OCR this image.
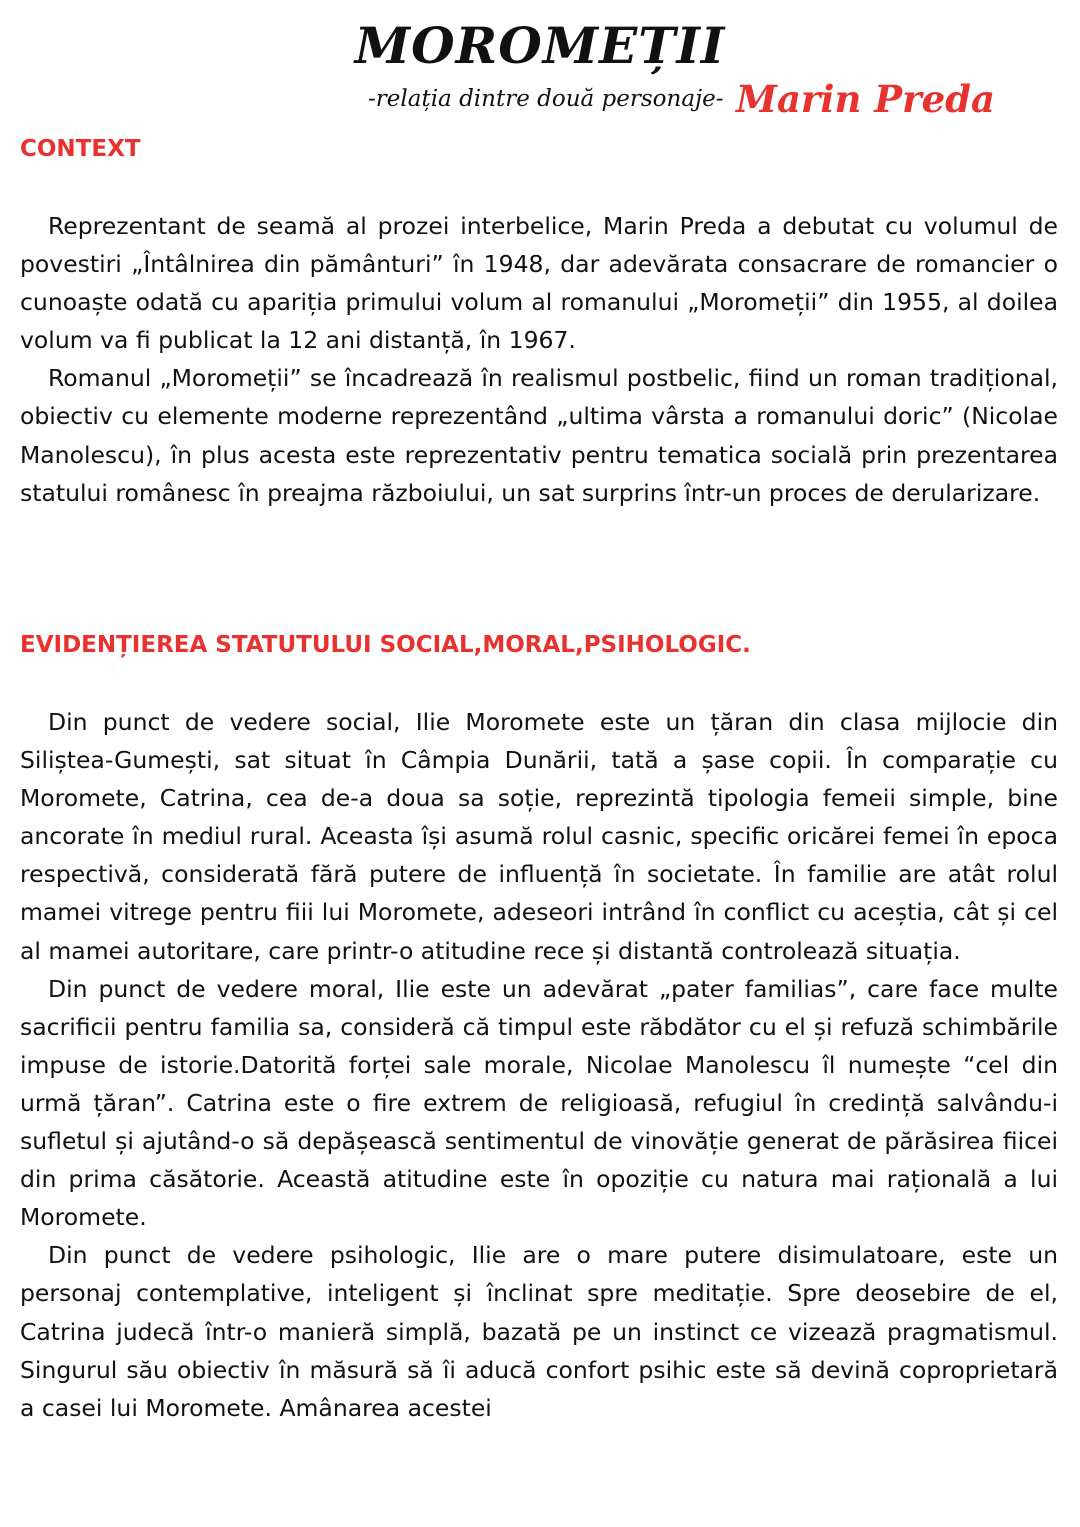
MOROMEȚII
-relația dintre două personaje- Marin Preda
CONTEXT

Reprezentant de seamă al prozei interbelice, Marin Preda a debutat cu volumul de povestiri „Întâlnirea din pământuri” în 1948, dar adevărata consacrare de romancier o cunoaște odată cu apariția primului volum al romanului „Moromeții” din 1955, al doilea volum va fi publicat la 12 ani distanță, în 1967.

Romanul „Moromeții” se încadrează în realismul postbelic, fiind un roman tradițional, obiectiv cu elemente moderne reprezentând „ultima vârsta a romanului doric” (Nicolae Manolescu), în plus acesta este reprezentativ pentru tematica socială prin prezentarea statului românesc în preajma războiului, un sat surprins într-un proces de derularizare.

EVIDENȚIEREA STATUTULUI SOCIAL,MORAL,PSIHOLOGIC.

Din punct de vedere social, Ilie Moromete este un țăran din clasa mijlocie din Siliștea-Gumești, sat situat în Câmpia Dunării, tată a șase copii. În comparație cu Moromete, Catrina, cea de-a doua sa soție, reprezintă tipologia femeii simple, bine ancorate în mediul rural. Aceasta își asumă rolul casnic, specific oricărei femei în epoca respectivă, considerată fără putere de influență în societate. În familie are atât rolul mamei vitrege pentru fiii lui Moromete, adeseori intrând în conflict cu aceștia, cât și cel al mamei autoritare, care printr-o atitudine rece și distantă controlează situația.

Din punct de vedere moral, Ilie este un adevărat „pater familias”, care face multe sacrificii pentru familia sa, consideră că timpul este răbdător cu el și refuză schimbările impuse de istorie.Datorită forței sale morale, Nicolae Manolescu îl numește “cel din urmă țăran”. Catrina este o fire extrem de religioasă, refugiul în credință salvându-i sufletul și ajutând-o să depășească sentimentul de vinovăție generat de părăsirea fiicei din prima căsătorie. Această atitudine este în opoziție cu natura mai rațională a lui Moromete.

Din punct de vedere psihologic, Ilie are o mare putere disimulatoare, este un personaj contemplative, inteligent și înclinat spre meditație. Spre deosebire de el, Catrina judecă într-o manieră simplă, bazată pe un instinct ce vizează pragmatismul. Singurul său obiectiv în măsură să îi aducă confort psihic este să devină coproprietară a casei lui Moromete. Amânarea acestei
